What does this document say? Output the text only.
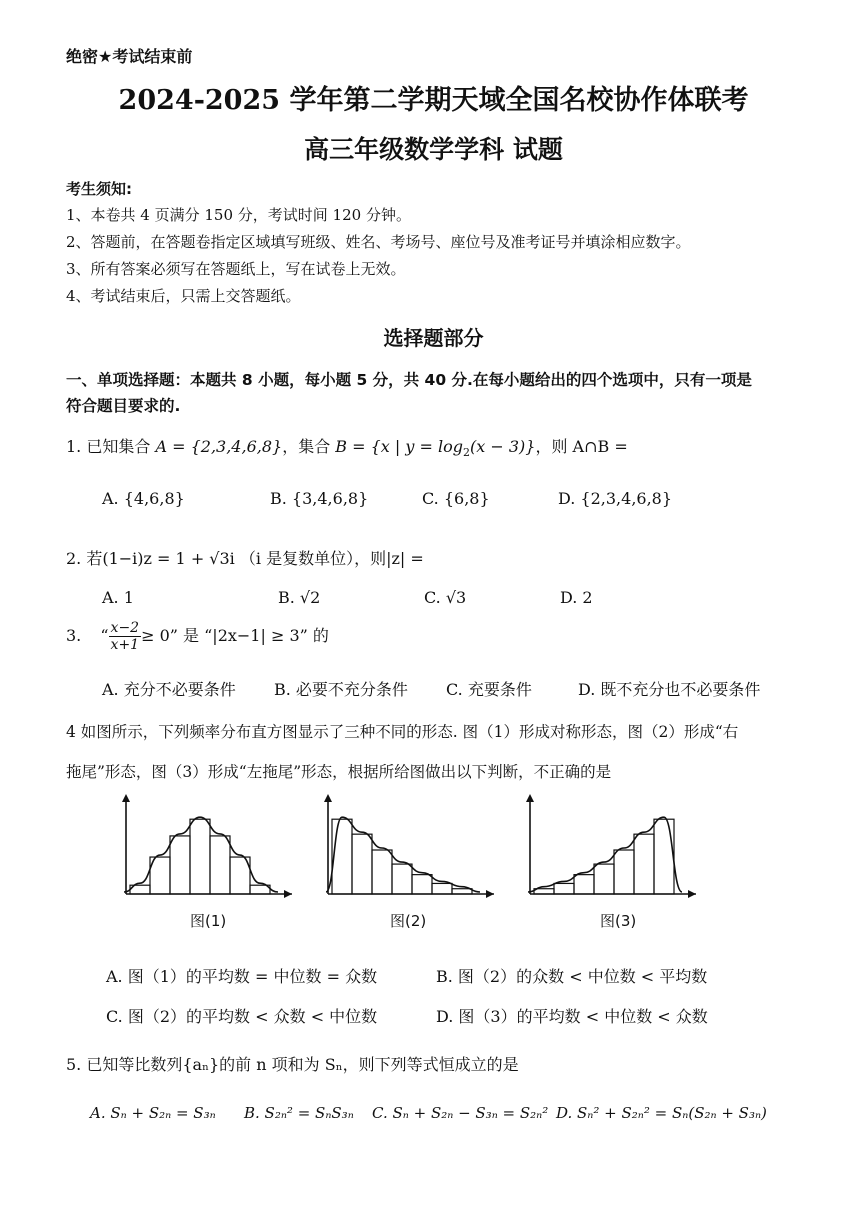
绝密★考试结束前
2024-2025 学年第二学期天域全国名校协作体联考
高三年级数学学科 试题
考生须知:
1、本卷共 4 页满分 150 分，考试时间 120 分钟。
2、答题前，在答题卷指定区域填写班级、姓名、考场号、座位号及准考证号并填涂相应数字。
3、所有答案必须写在答题纸上，写在试卷上无效。
4、考试结束后，只需上交答题纸。
选择题部分
一、单项选择题：本题共 8 小题，每小题 5 分，共 40 分.在每小题给出的四个选项中，只有一项是
符合题目要求的.
1. 已知集合 A = {2,3,4,6,8}，集合 B = {x | $y = \log_2(x - 3)$}，则 A∩B =
A. {4,6,8}	B. {3,4,6,8}	C. {6,8}	D. {2,3,4,6,8}
2. 若(1−i)z = 1 + √3i （i 是复数单位），则|z| =
A. 1	B. √2	C. √3	D. 2
3. “ $\frac{x-2}{x+1} \ge 0$” 是 “|2x−1| ≥ 3” 的
A. 充分不必要条件 B. 必要不充分条件 C. 充要条件	D. 既不充分也不必要条件
4 如图所示，下列频率分布直方图显示了三种不同的形态. 图（1）形成对称形态，图（2）形成“右
拖尾”形态，图（3）形成“左拖尾”形态，根据所给图做出以下判断，不正确的是
图(1)	图(2)	图(3)
A. 图（1）的平均数 = 中位数 = 众数	B. 图（2）的众数 < 中位数 < 平均数
C. 图（2）的平均数 < 众数 < 中位数	D. 图（3）的平均数 < 中位数 < 众数
5. 已知等比数列{aₙ}的前 n 项和为 Sₙ，则下列等式恒成立的是
A. Sₙ + S₂ₙ = S₃ₙ B. S₂ₙ² = SₙS₃ₙ C. Sₙ + S₂ₙ − S₃ₙ = S₂ₙ² D. Sₙ² + S₂ₙ² = Sₙ(S₂ₙ + S₃ₙ)
